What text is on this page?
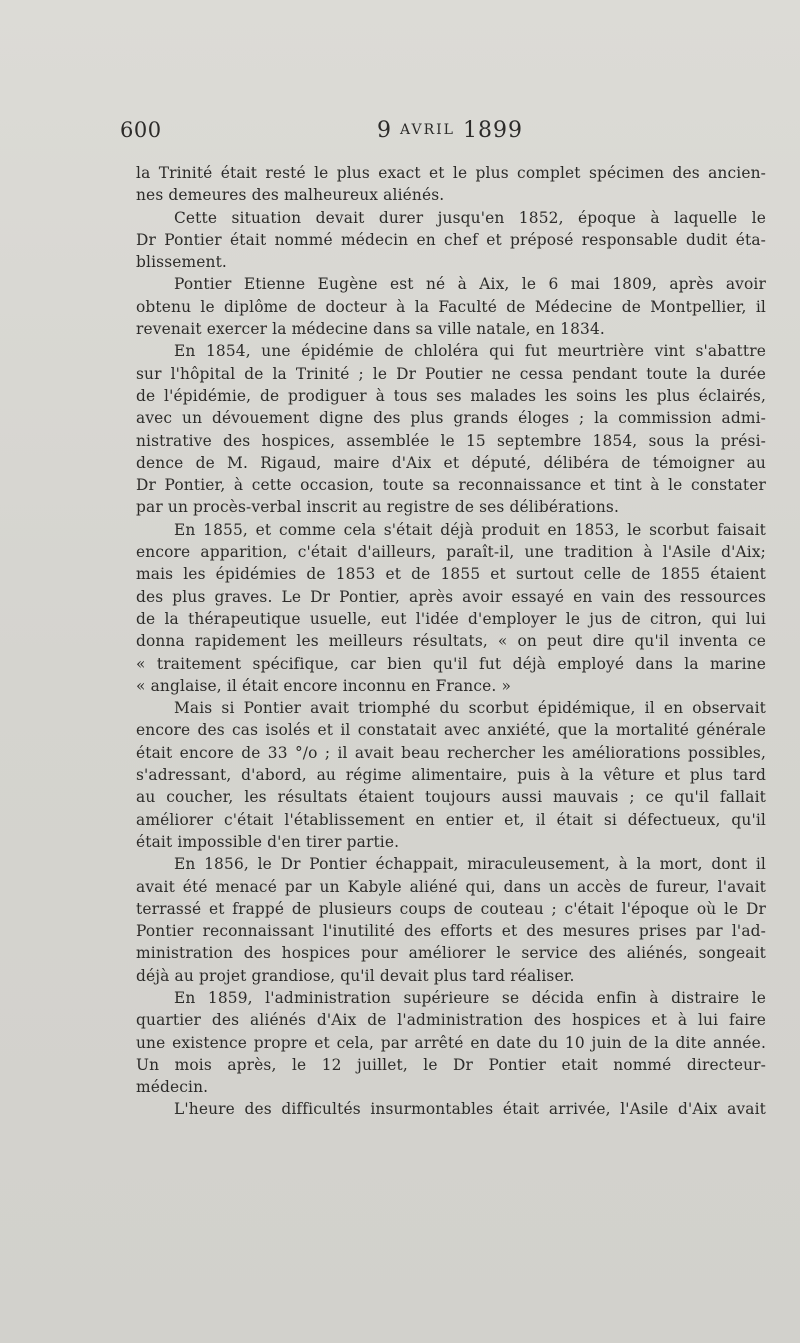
600	9 AVRIL 1899
la Trinité était resté le plus exact et le plus complet spécimen des ancien-
nes demeures des malheureux aliénés.
Cette situation devait durer jusqu'en 1852, époque à laquelle le
Dr Pontier était nommé médecin en chef et préposé responsable dudit éta-
blissement.
Pontier Etienne Eugène est né à Aix, le 6 mai 1809, après avoir
obtenu le diplôme de docteur à la Faculté de Médecine de Montpellier, il
revenait exercer la médecine dans sa ville natale, en 1834.
En 1854, une épidémie de chloléra qui fut meurtrière vint s'abattre
sur l'hôpital de la Trinité ; le Dr Poutier ne cessa pendant toute la durée
de l'épidémie, de prodiguer à tous ses malades les soins les plus éclairés,
avec un dévouement digne des plus grands éloges ; la commission admi-
nistrative des hospices, assemblée le 15 septembre 1854, sous la prési-
dence de M. Rigaud, maire d'Aix et député, délibéra de témoigner au
Dr Pontier, à cette occasion, toute sa reconnaissance et tint à le constater
par un procès-verbal inscrit au registre de ses délibérations.
En 1855, et comme cela s'était déjà produit en 1853, le scorbut faisait
encore apparition, c'était d'ailleurs, paraît-il, une tradition à l'Asile d'Aix;
mais les épidémies de 1853 et de 1855 et surtout celle de 1855 étaient
des plus graves. Le Dr Pontier, après avoir essayé en vain des ressources
de la thérapeutique usuelle, eut l'idée d'employer le jus de citron, qui lui
donna rapidement les meilleurs résultats, « on peut dire qu'il inventa ce
« traitement spécifique, car bien qu'il fut déjà employé dans la marine
« anglaise, il était encore inconnu en France. »
Mais si Pontier avait triomphé du scorbut épidémique, il en observait
encore des cas isolés et il constatait avec anxiété, que la mortalité générale
était encore de 33 °/o ; il avait beau rechercher les améliorations possibles,
s'adressant, d'abord, au régime alimentaire, puis à la vêture et plus tard
au coucher, les résultats étaient toujours aussi mauvais ; ce qu'il fallait
améliorer c'était l'établissement en entier et, il était si défectueux, qu'il
était impossible d'en tirer partie.
En 1856, le Dr Pontier échappait, miraculeusement, à la mort, dont il
avait été menacé par un Kabyle aliéné qui, dans un accès de fureur, l'avait
terrassé et frappé de plusieurs coups de couteau ; c'était l'époque où le Dr
Pontier reconnaissant l'inutilité des efforts et des mesures prises par l'ad-
ministration des hospices pour améliorer le service des aliénés, songeait
déjà au projet grandiose, qu'il devait plus tard réaliser.
En 1859, l'administration supérieure se décida enfin à distraire le
quartier des aliénés d'Aix de l'administration des hospices et à lui faire
une existence propre et cela, par arrêté en date du 10 juin de la dite année.
Un mois après, le 12 juillet, le Dr Pontier etait nommé directeur-
médecin.
L'heure des difficultés insurmontables était arrivée, l'Asile d'Aix avait
